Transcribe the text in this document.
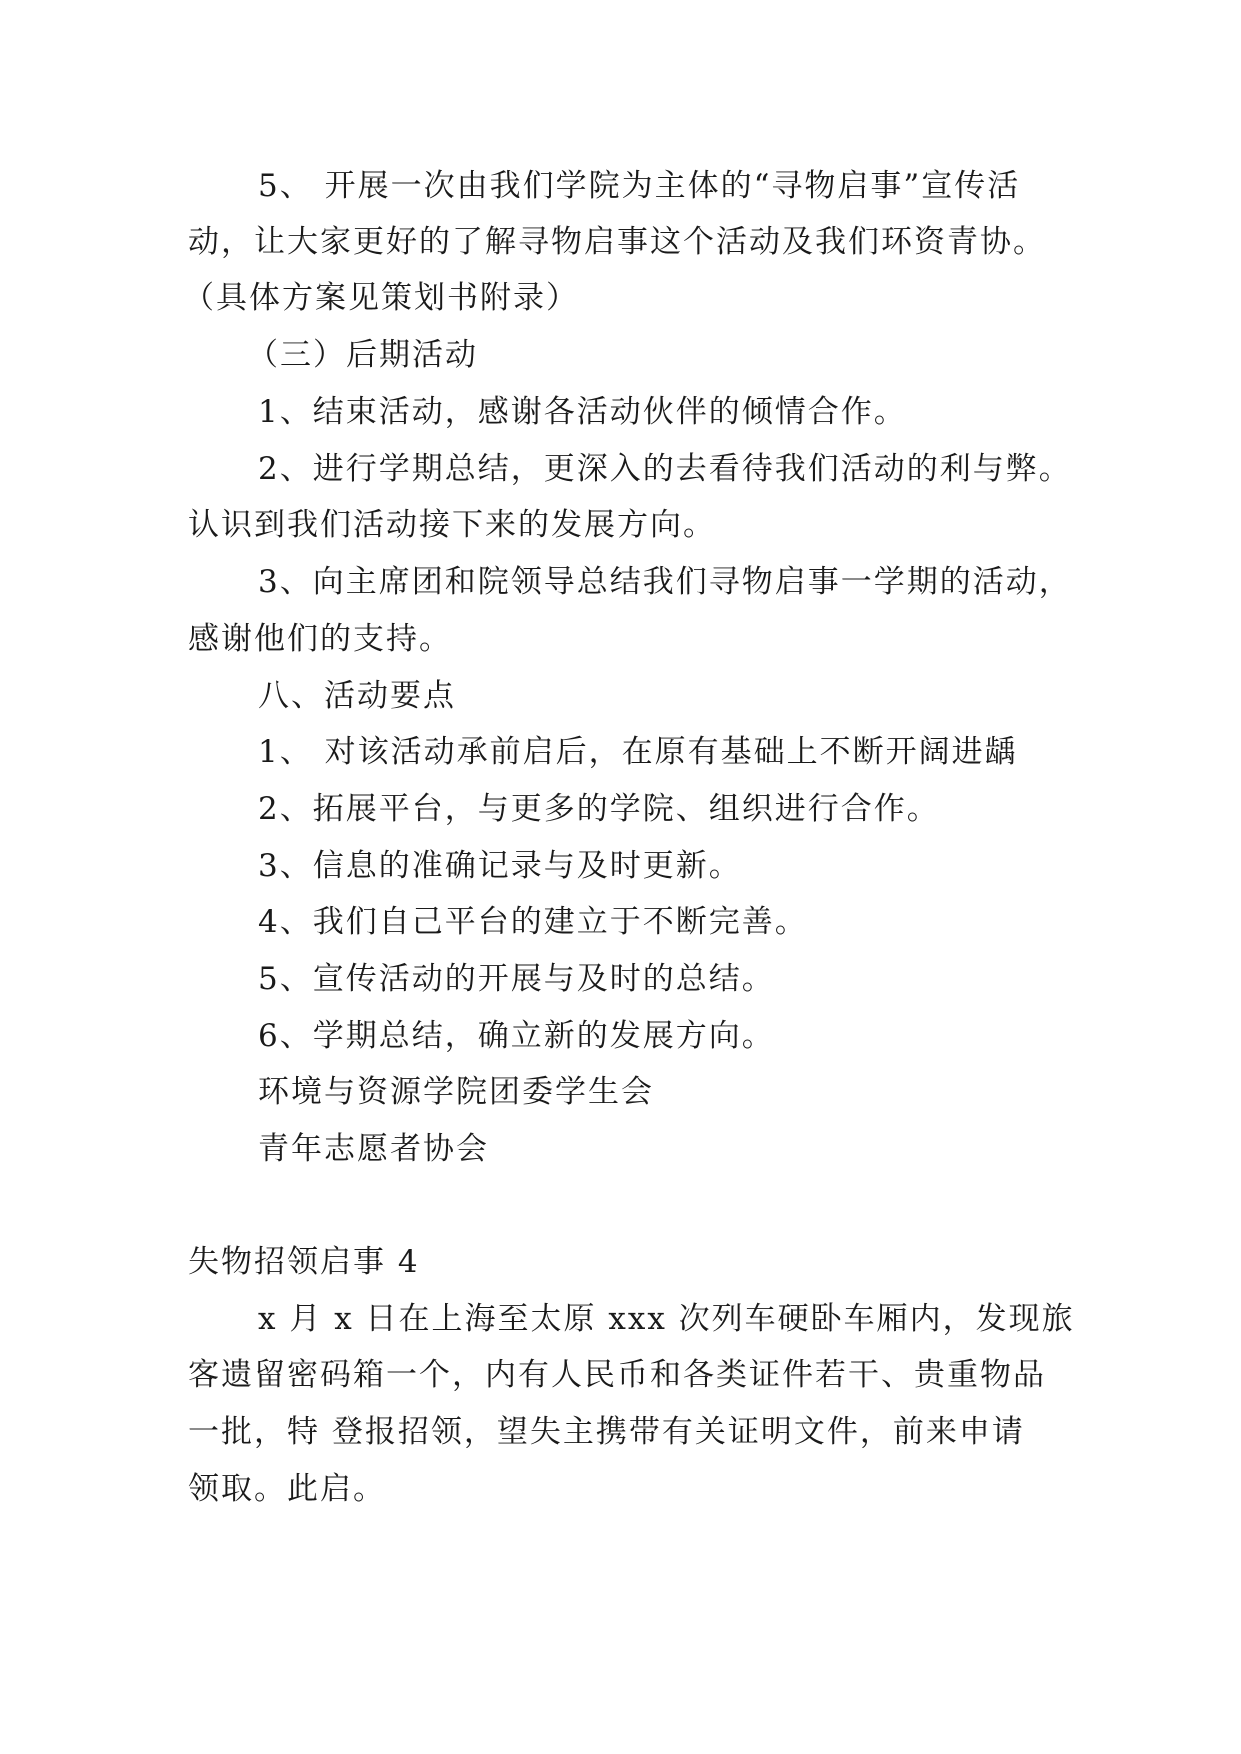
5、 开展一次由我们学院为主体的“寻物启事”宣传活
动，让大家更好的了解寻物启事这个活动及我们环资青协。
（具体方案见策划书附录）
（三）后期活动
1、结束活动，感谢各活动伙伴的倾情合作。
2、进行学期总结，更深入的去看待我们活动的利与弊。
认识到我们活动接下来的发展方向。
3、向主席团和院领导总结我们寻物启事一学期的活动，
感谢他们的支持。
八、活动要点
1、 对该活动承前启后，在原有基础上不断开阔进龋
2、拓展平台，与更多的学院、组织进行合作。
3、信息的准确记录与及时更新。
4、我们自己平台的建立于不断完善。
5、宣传活动的开展与及时的总结。
6、学期总结，确立新的发展方向。
环境与资源学院团委学生会
青年志愿者协会
失物招领启事 4
x 月 x 日在上海至太原 xxx 次列车硬卧车厢内，发现旅
客遗留密码箱一个，内有人民币和各类证件若干、贵重物品
一批，特 登报招领，望失主携带有关证明文件，前来申请
领取。此启。
